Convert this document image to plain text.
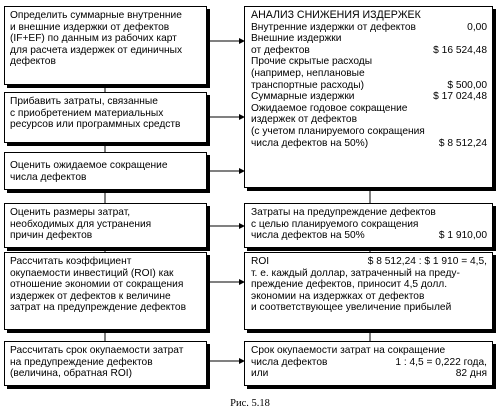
Определить суммарные внутренние
и внешние издержки от дефектов
(IF+EF) по данным из рабочих карт
для расчета издержек от единичных
дефектов
Прибавить затраты, связанные
с приобретением материальных
ресурсов или программных средств
Оценить ожидаемое сокращение
числа дефектов
Оценить размеры затрат,
необходимых для устранения
причин дефектов
Рассчитать коэффициент
окупаемости инвестиций (ROI) как
отношение экономии от сокращения
издержек от дефектов к величине
затрат на предупреждение дефектов
Рассчитать срок окупаемости затрат
на предупреждение дефектов
(величина, обратная ROI)
АНАЛИЗ СНИЖЕНИЯ ИЗДЕРЖЕК
Внутренние издержки от дефектов	0,00
Внешние издержки
от дефектов	$ 16 524,48
Прочие скрытые расходы
(например, неплановые
транспортные расходы)	$ 500,00
Суммарные издержки	$ 17 024,48
Ожидаемое годовое сокращение
издержек от дефектов
(с учетом планируемого сокращения
числа дефектов на 50%)	$ 8 512,24
Затраты на предупреждение дефектов
с целью планируемого сокращения
числа дефектов на 50%	$ 1 910,00
ROI	$ 8 512,24 : $ 1 910 = 4,5,
т. е. каждый доллар, затраченный на преду-
преждение дефектов, приносит 4,5 долл.
экономии на издержках от дефектов
и соответствующее увеличение прибылей
Срок окупаемости затрат на сокращение
числа дефектов	1 : 4,5 = 0,222 года,
или	82 дня
Рис. 5.18
